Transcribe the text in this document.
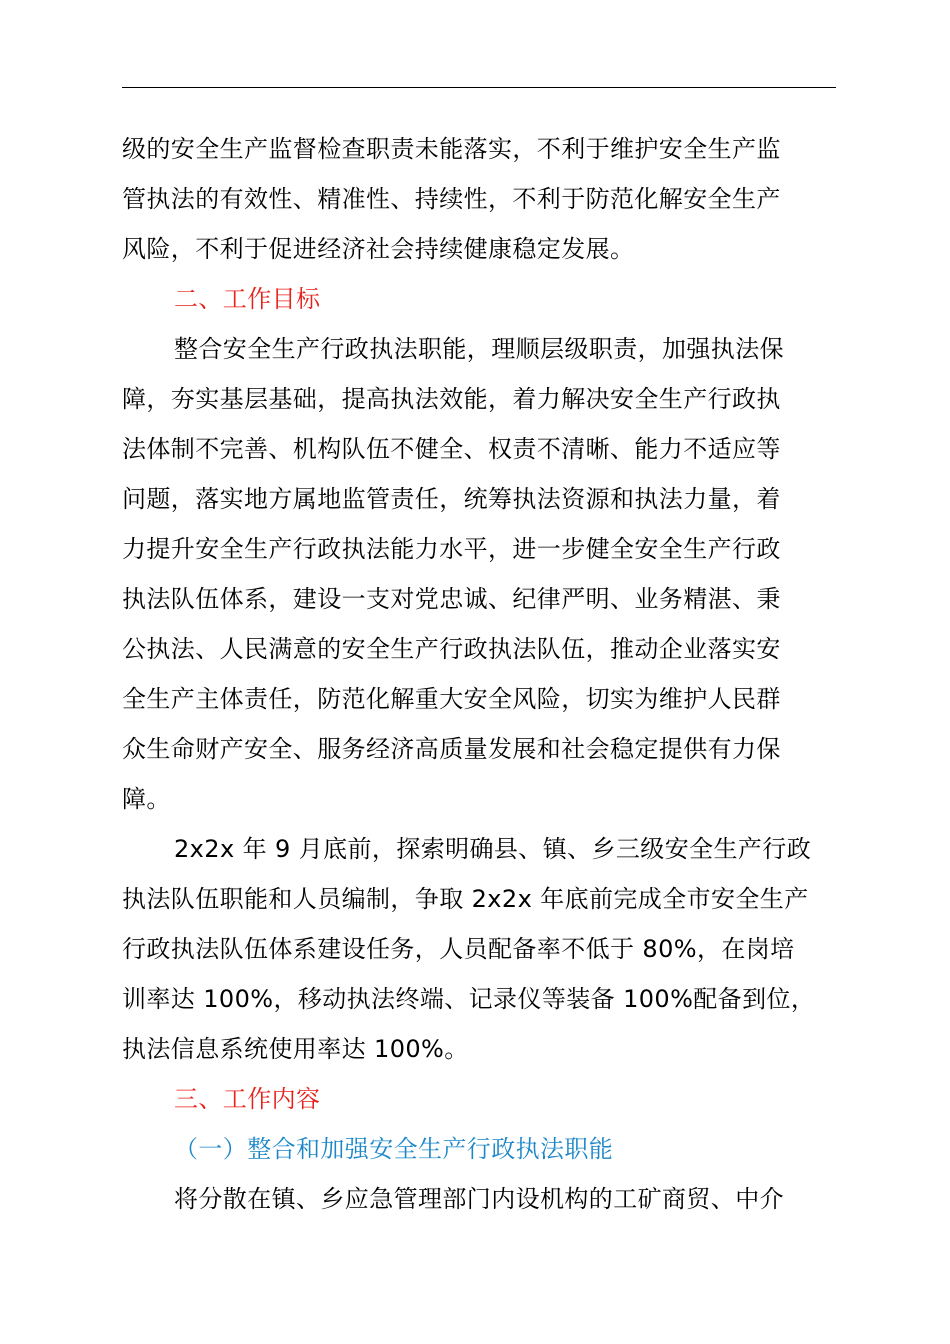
级的安全生产监督检查职责未能落实，不利于维护安全生产监
管执法的有效性、精准性、持续性，不利于防范化解安全生产
风险，不利于促进经济社会持续健康稳定发展。
二、工作目标
整合安全生产行政执法职能，理顺层级职责，加强执法保
障，夯实基层基础，提高执法效能，着力解决安全生产行政执
法体制不完善、机构队伍不健全、权责不清晰、能力不适应等
问题，落实地方属地监管责任，统筹执法资源和执法力量，着
力提升安全生产行政执法能力水平，进一步健全安全生产行政
执法队伍体系，建设一支对党忠诚、纪律严明、业务精湛、秉
公执法、人民满意的安全生产行政执法队伍，推动企业落实安
全生产主体责任，防范化解重大安全风险，切实为维护人民群
众生命财产安全、服务经济高质量发展和社会稳定提供有力保
障。
2x2x 年 9 月底前，探索明确县、镇、乡三级安全生产行政
执法队伍职能和人员编制，争取 2x2x 年底前完成全市安全生产
行政执法队伍体系建设任务，人员配备率不低于 80%，在岗培
训率达 100%，移动执法终端、记录仪等装备 100%配备到位，
执法信息系统使用率达 100%。
三、工作内容
（一）整合和加强安全生产行政执法职能
将分散在镇、乡应急管理部门内设机构的工矿商贸、中介
